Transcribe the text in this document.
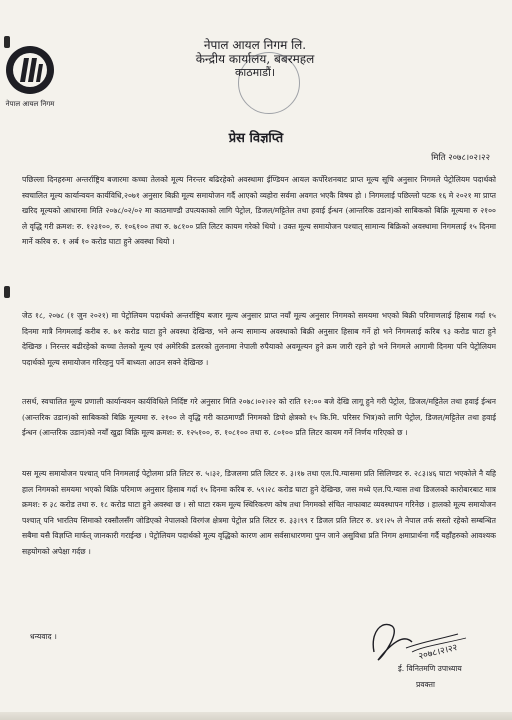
नेपाल आयल निगम
नेपाल आयल निगम लि.
केन्द्रीय कार्यालय, बबरमहल
काठमाडौं।
प्रेस विज्ञप्ति
मिति २०७८।०२।२२
पछिल्ला दिनहरुमा अन्तर्राष्ट्रिय बजारमा कच्चा तेलको मूल्य निरन्तर बढिरहेको अवस्थामा ईण्डियन आयल कर्पोरेशनबाट प्राप्त मूल्य सूचि अनुसार निगमले पेट्रोलियम पदार्थको स्वचालित मूल्य कार्यान्वयन कार्यविधि,२०७१ अनुसार बिक्री मूल्य समायोजन गर्दै आएको व्यहोरा सर्वमा अवगत भएकै विषय हो । निगमलाई पछिल्लो पटक १६ मे २०२१ मा प्राप्त खरिद मूल्यको आधारमा मिति २०७८/०२/०२ मा काठमाण्डौ उपत्यकाको लागि पेट्रोल, डिजल/मट्टितेल तथा हवाई ईन्धन (आन्तरिक उडान)को साबिकको बिक्रि मूल्यमा रु २१०० ले वृद्धि गरी क्रमश: रु. १२३१००, रु. १०६१०० तथा रु. ७८१०० प्रति लिटर कायम गरेको थियो । उक्त मूल्य समायोजन पश्चात् सामान्य बिक्रिको अवस्थामा निगमलाई १५ दिनमा मार्ने करिब रु. १ अर्ब १० करोड घाटा हुने अवस्था थियो ।
जेठ १८, २०७८ (१ जुन २०२१) मा पेट्रोलियम पदार्थको अन्तर्राष्ट्रिय बजार मूल्य अनुसार प्राप्त नयाँ मूल्य अनुसार निगमको समयमा भएको बिक्री परिमाणलाई हिसाब गर्दा १५ दिनमा मात्रै निगमलाई करीब रु. ७१ करोड घाटा हुने अवस्था देखिन्छ, भने अन्य सामान्य अवस्थाको बिक्री अनुसार हिसाब गर्ने हो भने निगमलाई करिब ९३ करोड घाटा हुने देखिन्छ । निरन्तर बढीरहेको कच्चा तेलको मूल्य एवं अमेरिकी डलरको तुलनामा नेपाली रुपैयाको अवमूल्यन हुने क्रम जारी रहने हो भने निगमले आगामी दिनमा पनि पेट्रोलियम पदार्थको मूल्य समायोजन गरिरहनु पर्ने बाध्यता आउन सक्ने देखिन्छ ।
तसर्थ, स्वचालित मूल्य प्रणाली कार्यान्वयन कार्यविधिले निर्दिष्ट गरे अनुसार मिति २०७८।०२।२२ को राति १२:०० बजे देखि लागू हुने गरी पेट्रोल, डिजल/मट्टितेल तथा हवाई ईन्धन (आन्तरिक उडान)को साबिकको बिक्रि मूल्यमा रु. २१०० ले वृद्धि गरी काठमाण्डौं निगमको डिपो क्षेत्रको १५ कि.मि. परिसर भित्र)को लागि पेट्रोल, डिजल/मट्टितेल तथा हवाई ईन्धन (आन्तरिक उडान)को नयाँ खुद्रा बिक्रि मूल्य क्रमश: रु. १२५१००, रु. १०८१०० तथा रु. ८०१०० प्रति लिटर कायम गर्ने निर्णय गरिएको छ ।
यस मूल्य समायोजन पश्चात् पनि निगमलाई पेट्रोलमा प्रति लिटर रु. ५।३२, डिजलमा प्रति लिटर रु. ३।१७ तथा एल.पि.ग्यासमा प्रति सिलिण्डर रु. २८३।४६ घाटा भएकोले नै यहि हाल निगमको समयमा भएको बिक्रि परिमाण अनुसार हिसाब गर्दा १५ दिनमा करिब रु. ५९।२८ करोड घाटा हुने देखिन्छ, जस मध्ये एल.पि.ग्यास तथा डिजलको कारोबारबाट मात्र क्रमश: रु ३८ करोड तथा रु. १८ करोड घाटा हुने अवस्था छ । सो घाटा रकम मूल्य स्थिरिकरण कोष तथा निगमको संचित नाफाबाट व्यवस्थापन गरिनेछ । हालको मूल्य समायोजन पश्चात् पनि भारतिय सिमाको रक्सौलसँग जोडिएको नेपालको विरगंज क्षेत्रमा पेट्रोल प्रति लिटर रु. ३३।९९ र डिजल प्रति लिटर रु. ४१।२५ ले नेपाल तर्फ सस्तो रहेको सम्बन्धित सबैमा यसै विज्ञप्ति मार्फत् जानकारी गराईन्छ । पेट्रोलियम पदार्थको मूल्य वृद्धिको कारण आम सर्वसाधारणमा पुग्न जाने असुविधा प्रति निगम क्षमाप्रार्थना गर्दै यहाँहरुको आवश्यक सहयोगको अपेक्षा गर्दछ ।
धन्यवाद ।
२०७८।२।२२
ई. विनितमणि उपाध्याय
प्रवक्ता
